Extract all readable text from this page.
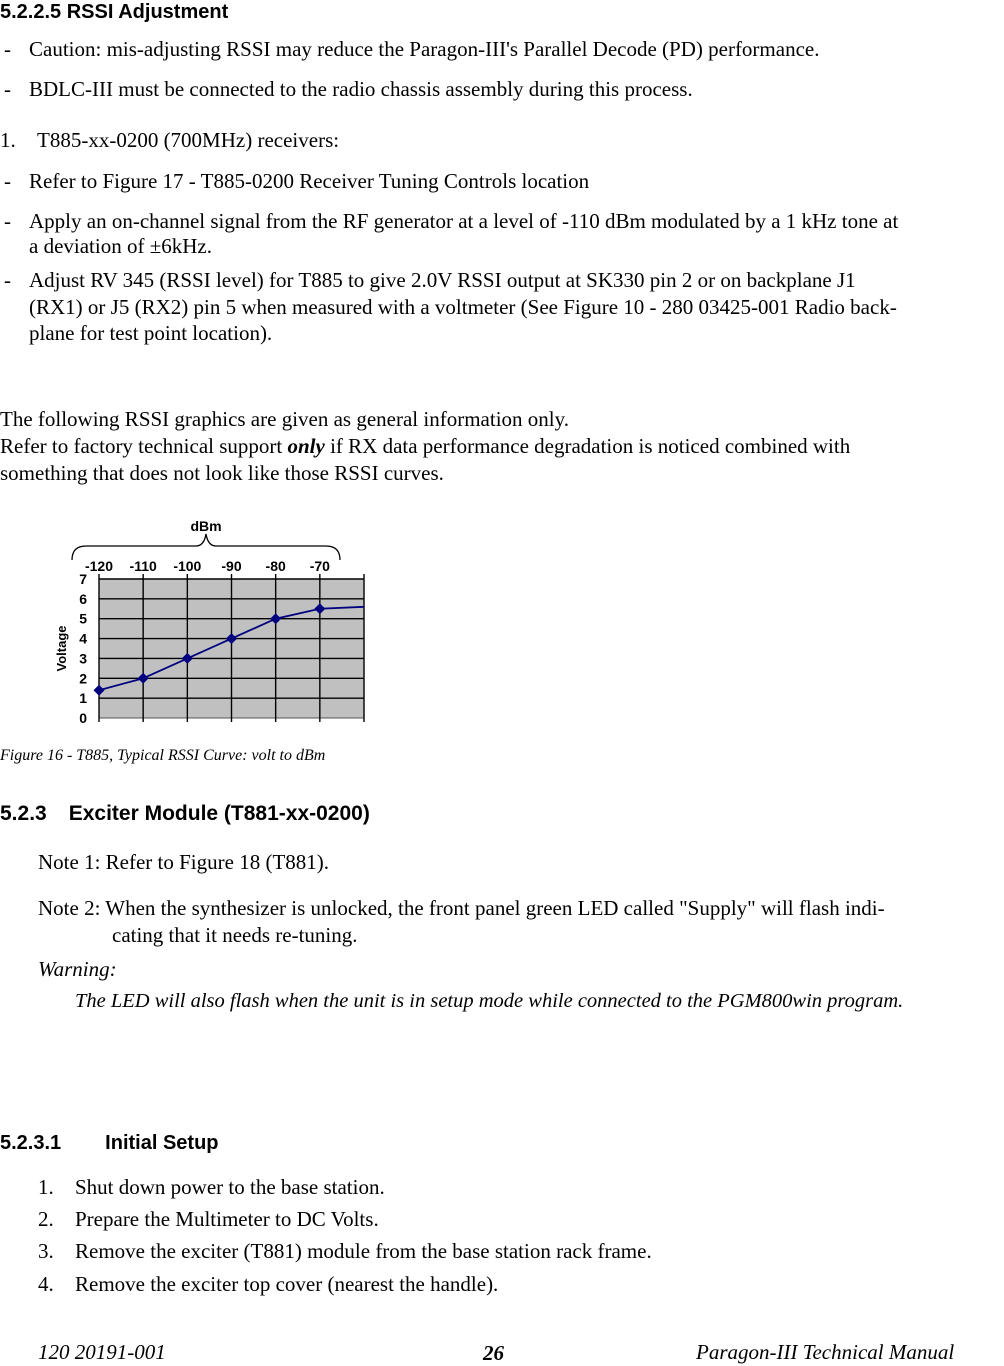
5.2.2.5 RSSI Adjustment
- Caution: mis-adjusting RSSI may reduce the Paragon-III's Parallel Decode (PD) performance.
- BDLC-III must be connected to the radio chassis assembly during this process.
1. T885-xx-0200 (700MHz) receivers:
- Refer to Figure 17 - T885-0200 Receiver Tuning Controls location
- Apply an on-channel signal from the RF generator at a level of -110 dBm modulated by a 1 kHz tone at
a deviation of ±6kHz.
- Adjust RV 345 (RSSI level) for T885 to give 2.0V RSSI output at SK330 pin 2 or on backplane J1
(RX1) or J5 (RX2) pin 5 when measured with a voltmeter (See Figure 10 - 280 03425-001 Radio back-
plane for test point location).
The following RSSI graphics are given as general information only.
Refer to factory technical support only if RX data performance degradation is noticed combined with
something that does not look like those RSSI curves.
0
1
2
3
4
5
6
7
-120 -110 -100 -90 -80 -70
dBm
Voltage
Figure 16 - T885, Typical RSSI Curve: volt to dBm
5.2.3 Exciter Module (T881-xx-0200)
Note 1: Refer to Figure 18 (T881).
Note 2: When the synthesizer is unlocked, the front panel green LED called "Supply" will flash indi-
cating that it needs re-tuning.
Warning:
The LED will also flash when the unit is in setup mode while connected to the PGM800win program.
5.2.3.1 Initial Setup
1. Shut down power to the base station.
2. Prepare the Multimeter to DC Volts.
3. Remove the exciter (T881) module from the base station rack frame.
4. Remove the exciter top cover (nearest the handle).
120 20191-001	26	Paragon-III Technical Manual
